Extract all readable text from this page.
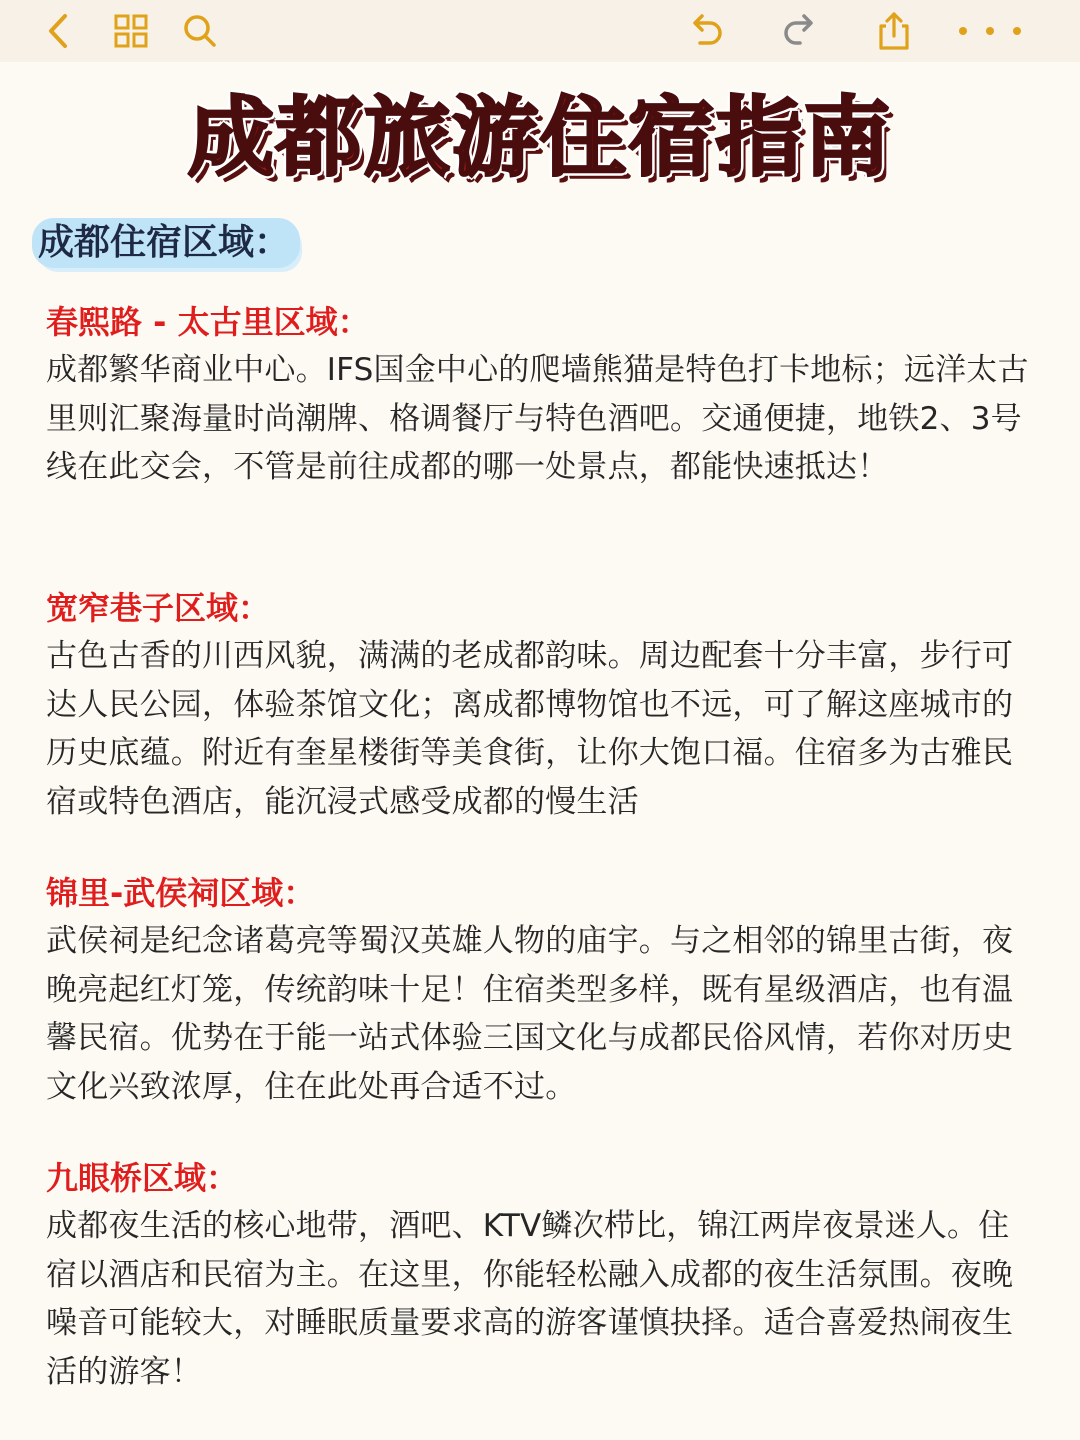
成都旅游住宿指南
成都住宿区域：
春熙路 - 太古里区域：

成都繁华商业中心。IFS国金中心的爬墙熊猫是特色打卡地标；远洋太古里则汇聚海量时尚潮牌、格调餐厅与特色酒吧。交通便捷，地铁2、3号线在此交会，不管是前往成都的哪一处景点，都能快速抵达！

宽窄巷子区域：

古色古香的川西风貌，满满的老成都韵味。周边配套十分丰富，步行可达人民公园，体验茶馆文化；离成都博物馆也不远，可了解这座城市的历史底蕴。附近有奎星楼街等美食街，让你大饱口福。住宿多为古雅民宿或特色酒店，能沉浸式感受成都的慢生活

锦里-武侯祠区域：

武侯祠是纪念诸葛亮等蜀汉英雄人物的庙宇。与之相邻的锦里古街，夜晚亮起红灯笼，传统韵味十足！住宿类型多样，既有星级酒店，也有温馨民宿。优势在于能一站式体验三国文化与成都民俗风情，若你对历史文化兴致浓厚，住在此处再合适不过。

九眼桥区域：

成都夜生活的核心地带，酒吧、KTV鳞次栉比，锦江两岸夜景迷人。住宿以酒店和民宿为主。在这里，你能轻松融入成都的夜生活氛围。夜晚噪音可能较大，对睡眠质量要求高的游客谨慎抉择。适合喜爱热闹夜生活的游客！
